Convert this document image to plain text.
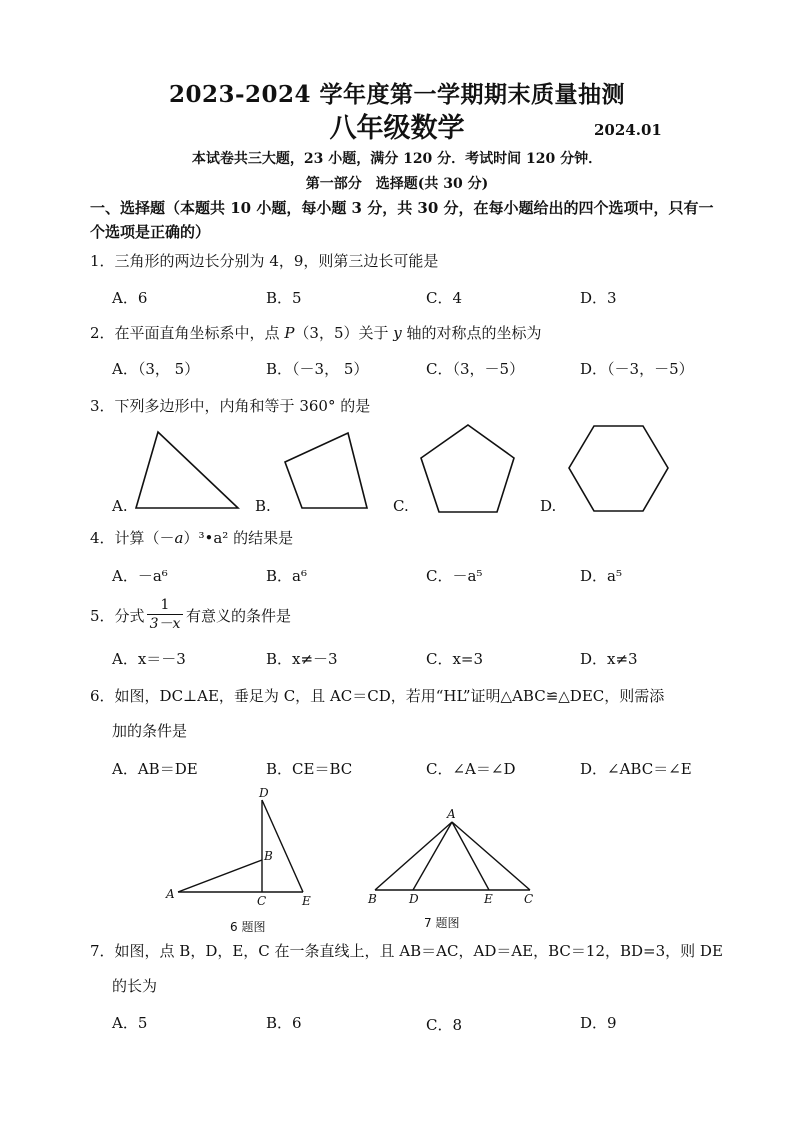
2023-2024 学年度第一学期期末质量抽测
八年级数学	2024.01
本试卷共三大题，23 小题，满分 120 分．考试时间 120 分钟．
第一部分　选择题(共 30 分)
一、选择题（本题共 10 小题，每小题 3 分，共 30 分，在每小题给出的四个选项中，只有一个选项是正确的）
1．三角形的两边长分别为 4，9，则第三边长可能是
A．6	B．5	C．4	D．3
2．在平面直角坐标系中，点 P（3，5）关于 y 轴的对称点的坐标为
A．（3， 5）	B．（－3， 5）	C．（3，－5）	D．（－3，－5）
3．下列多边形中，内角和等于 360° 的是
A.	B.	C.	D.
4．计算（－a）³•a² 的结果是
A．－a⁶	B．a⁶	C．－a⁵	D．a⁵
5．分式
1
3－x 有意义的条件是
A．x＝－3	B．x≠－3	C．x=3	D．x≠3
6．如图，DC⊥AE，垂足为 C，且 AC＝CD，若用“HL”证明△ABC≌△DEC，则需添
加的条件是
A．AB＝DE	B．CE＝BC	C．∠A＝∠D	D．∠ABC＝∠E
D
B
A	C	E
A
B	D	E	C
6 题图	7 题图
7．如图，点 B，D，E，C 在一条直线上，且 AB＝AC，AD＝AE，BC＝12，BD=3，则 DE
的长为
A．5	B．6	C．8	D．9
